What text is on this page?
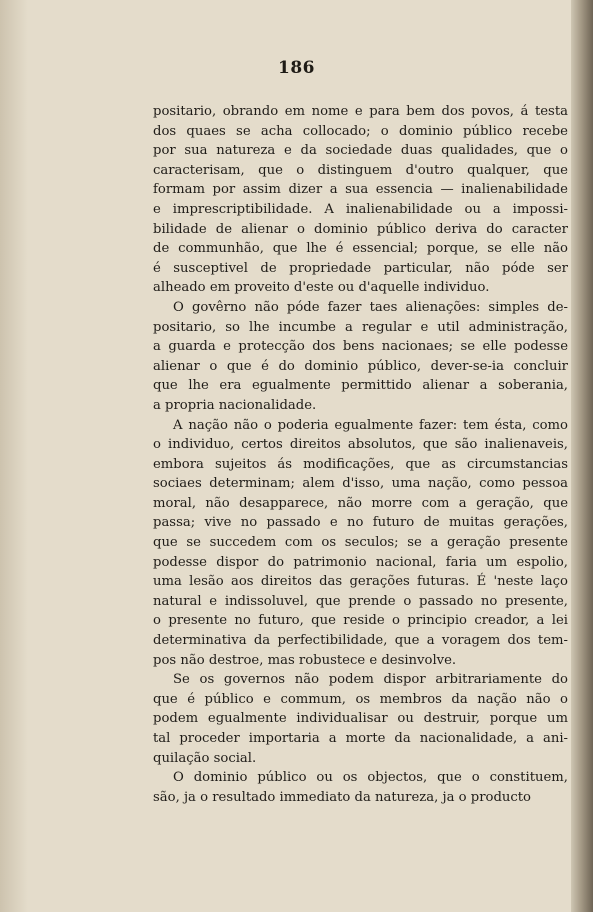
186
positario, obrando em nome e para bem dos povos, á testa
dos quaes se acha collocado; o dominio público recebe
por sua natureza e da sociedade duas qualidades, que o
caracterisam, que o distinguem d'outro qualquer, que
formam por assim dizer a sua essencia — inalienabilidade
e imprescriptibilidade. A inalienabilidade ou a impossi-
bilidade de alienar o dominio público deriva do caracter
de communhão, que lhe é essencial; porque, se elle não
é susceptivel de propriedade particular, não póde ser
alheado em proveito d'este ou d'aquelle individuo.
O govêrno não póde fazer taes alienações: simples de-
positario, so lhe incumbe a regular e util administração,
a guarda e protecção dos bens nacionaes; se elle podesse
alienar o que é do dominio público, dever-se-ia concluir
que lhe era egualmente permittido alienar a soberania,
a propria nacionalidade.
A nação não o poderia egualmente fazer: tem ésta, como
o individuo, certos direitos absolutos, que são inalienaveis,
embora sujeitos ás modificações, que as circumstancias
sociaes determinam; alem d'isso, uma nação, como pessoa
moral, não desapparece, não morre com a geração, que
passa; vive no passado e no futuro de muitas gerações,
que se succedem com os seculos; se a geração presente
podesse dispor do patrimonio nacional, faria um espolio,
uma lesão aos direitos das gerações futuras. É 'neste laço
natural e indissoluvel, que prende o passado no presente,
o presente no futuro, que reside o principio creador, a lei
determinativa da perfectibilidade, que a voragem dos tem-
pos não destroe, mas robustece e desinvolve.
Se os governos não podem dispor arbitrariamente do
que é público e commum, os membros da nação não o
podem egualmente individualisar ou destruir, porque um
tal proceder importaria a morte da nacionalidade, a ani-
quilação social.
O dominio público ou os objectos, que o constituem,
são, ja o resultado immediato da natureza, ja o producto
